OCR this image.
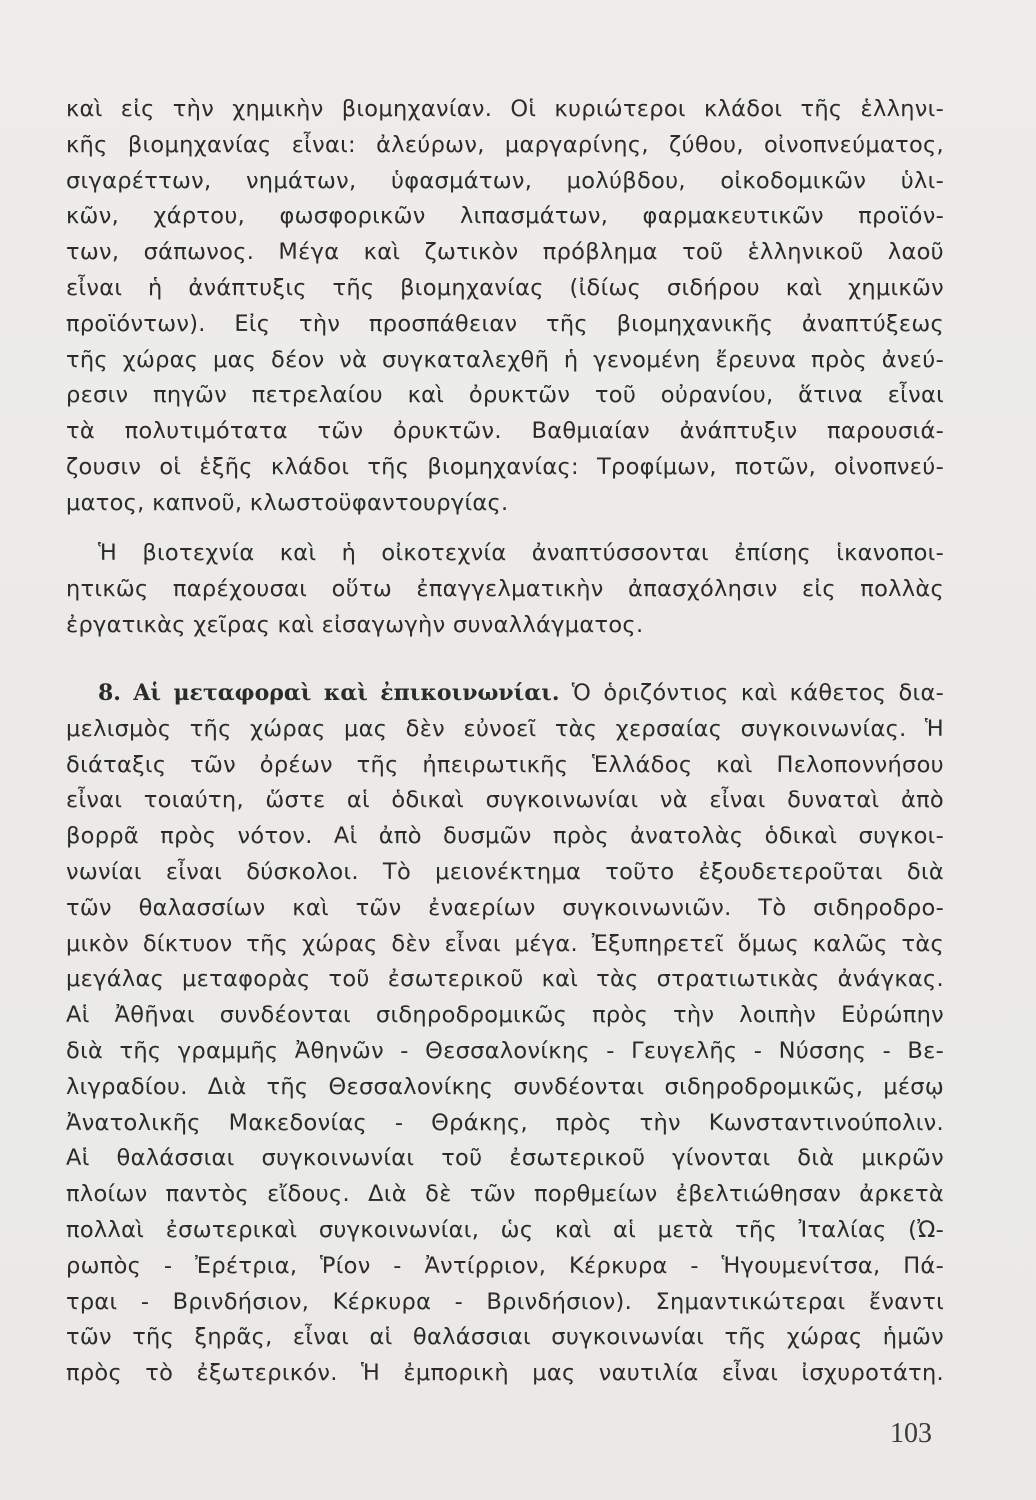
καὶ εἰς τὴν χημικὴν βιομηχανίαν. Οἱ κυριώτεροι κλάδοι τῆς ἑλληνι-
κῆς βιομηχανίας εἶναι: ἀλεύρων, μαργαρίνης, ζύθου, οἰνοπνεύματος,
σιγαρέττων, νημάτων, ὑφασμάτων, μολύβδου, οἰκοδομικῶν ὑλι-
κῶν, χάρτου, φωσφορικῶν λιπασμάτων, φαρμακευτικῶν προϊόν-
των, σάπωνος. Μέγα καὶ ζωτικὸν πρόβλημα τοῦ ἑλληνικοῦ λαοῦ
εἶναι ἡ ἀνάπτυξις τῆς βιομηχανίας (ἰδίως σιδήρου καὶ χημικῶν
προϊόντων). Εἰς τὴν προσπάθειαν τῆς βιομηχανικῆς ἀναπτύξεως
τῆς χώρας μας δέον νὰ συγκαταλεχθῆ ἡ γενομένη ἔρευνα πρὸς ἀνεύ-
ρεσιν πηγῶν πετρελαίου καὶ ὀρυκτῶν τοῦ οὐρανίου, ἅτινα εἶναι
τὰ πολυτιμότατα τῶν ὀρυκτῶν. Βαθμιαίαν ἀνάπτυξιν παρουσιά-
ζουσιν οἱ ἑξῆς κλάδοι τῆς βιομηχανίας: Τροφίμων, ποτῶν, οἰνοπνεύ-
ματος, καπνοῦ, κλωστοϋφαντουργίας.
Ἡ βιοτεχνία καὶ ἡ οἰκοτεχνία ἀναπτύσσονται ἐπίσης ἱκανοποι-
ητικῶς παρέχουσαι οὕτω ἐπαγγελματικὴν ἀπασχόλησιν εἰς πολλὰς
ἐργατικὰς χεῖρας καὶ εἰσαγωγὴν συναλλάγματος.
8. Αἱ μεταφοραὶ καὶ ἐπικοινωνίαι. Ὁ ὁριζόντιος καὶ κάθετος δια-
μελισμὸς τῆς χώρας μας δὲν εὐνοεῖ τὰς χερσαίας συγκοινωνίας. Ἡ
διάταξις τῶν ὀρέων τῆς ἠπειρωτικῆς Ἑλλάδος καὶ Πελοποννήσου
εἶναι τοιαύτη, ὥστε αἱ ὁδικαὶ συγκοινωνίαι νὰ εἶναι δυναταὶ ἀπὸ
βορρᾶ πρὸς νότον. Αἱ ἀπὸ δυσμῶν πρὸς ἀνατολὰς ὁδικαὶ συγκοι-
νωνίαι εἶναι δύσκολοι. Τὸ μειονέκτημα τοῦτο ἐξουδετεροῦται διὰ
τῶν θαλασσίων καὶ τῶν ἐναερίων συγκοινωνιῶν. Τὸ σιδηροδρο-
μικὸν δίκτυον τῆς χώρας δὲν εἶναι μέγα. Ἐξυπηρετεῖ ὅμως καλῶς τὰς
μεγάλας μεταφορὰς τοῦ ἐσωτερικοῦ καὶ τὰς στρατιωτικὰς ἀνάγκας.
Αἱ Ἀθῆναι συνδέονται σιδηροδρομικῶς πρὸς τὴν λοιπὴν Εὐρώπην
διὰ τῆς γραμμῆς Ἀθηνῶν - Θεσσαλονίκης - Γευγελῆς - Νύσσης - Βε-
λιγραδίου. Διὰ τῆς Θεσσαλονίκης συνδέονται σιδηροδρομικῶς, μέσῳ
Ἀνατολικῆς Μακεδονίας - Θράκης, πρὸς τὴν Κωνσταντινούπολιν.
Αἱ θαλάσσιαι συγκοινωνίαι τοῦ ἐσωτερικοῦ γίνονται διὰ μικρῶν
πλοίων παντὸς εἴδους. Διὰ δὲ τῶν πορθμείων ἐβελτιώθησαν ἀρκετὰ
πολλαὶ ἐσωτερικαὶ συγκοινωνίαι, ὡς καὶ αἱ μετὰ τῆς Ἰταλίας (Ὠ-
ρωπὸς - Ἐρέτρια, Ῥίον - Ἀντίρριον, Κέρκυρα - Ἡγουμενίτσα, Πά-
τραι - Βρινδήσιον, Κέρκυρα - Βρινδήσιον). Σημαντικώτεραι ἔναντι
τῶν τῆς ξηρᾶς, εἶναι αἱ θαλάσσιαι συγκοινωνίαι τῆς χώρας ἡμῶν
πρὸς τὸ ἐξωτερικόν. Ἡ ἐμπορικὴ μας ναυτιλία εἶναι ἰσχυροτάτη.
103
